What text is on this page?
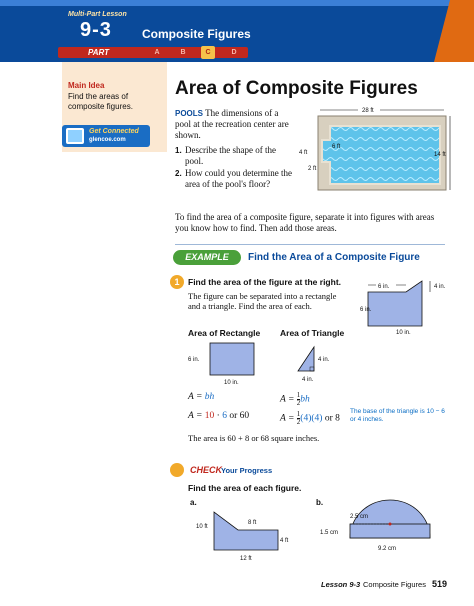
Multi-Part Lesson
9-3	Composite Figures
PART	A	B	C	D
Main Idea
Find the areas of composite figures.
Get Connected
glencoe.com
Area of Composite Figures
POOLS The dimensions of a pool at the recreation center are shown.
1. Describe the shape of the pool.
2. How could you determine the area of the pool's floor?
28 ft
14 ft
4 ft
6 ft
2 ft
To find the area of a composite figure, separate it into figures with areas you know how to find. Then add those areas.
EXAMPLE	Find the Area of a Composite Figure
1	Find the area of the figure at the right.
The figure can be separated into a rectangle and a triangle. Find the area of each.
6 in.	4 in.
6 in.
10 in.
Area of Rectangle Area of Triangle
6 in.
10 in.
4 in.
4 in.
A = bh
A = 10 · 6 or 60
$A = \frac{1}{2}$ bh
$A = \frac{1}{2} (4)(4)$ or 8
The base of the triangle is 10 − 6 or 4 inches.
The area is 60 + 8 or 68 square inches.
CHECK
Your Progress
Find the area of each figure.
a.	b.
10 ft
8 ft
4 ft
12 ft
2.5 cm
1.5 cm
9.2 cm
Lesson 9-3 Composite Figures 519
